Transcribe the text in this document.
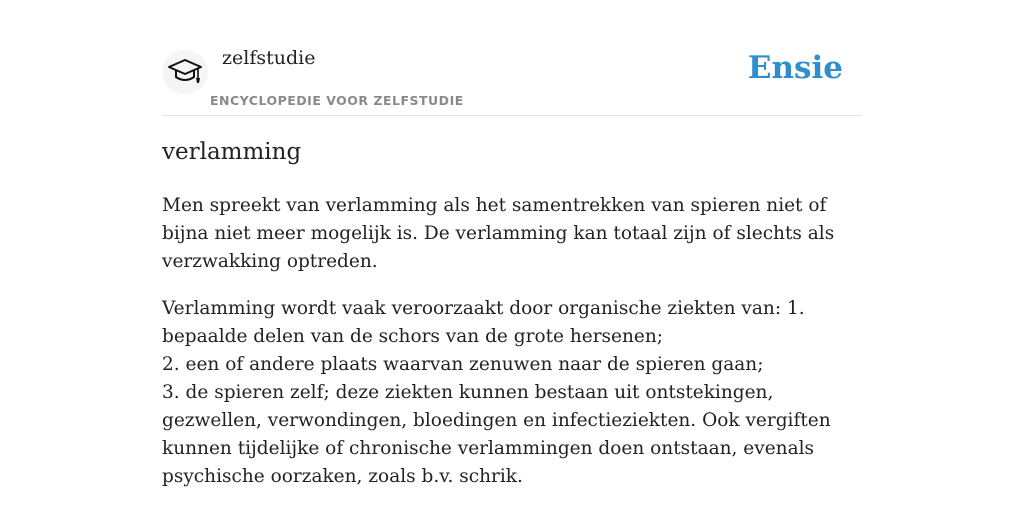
zelfstudie
ENCYCLOPEDIE VOOR ZELFSTUDIE
Ensie
verlamming

Men spreekt van verlamming als het samentrekken van spieren niet of bijna niet meer mogelijk is. De verlamming kan totaal zijn of slechts als verzwakking optreden.

Verlamming wordt vaak veroorzaakt door organische ziekten van: 1. bepaalde delen van de schors van de grote hersenen;
2. een of andere plaats waarvan zenuwen naar de spieren gaan;
3. de spieren zelf; deze ziekten kunnen bestaan uit ontstekingen, gezwellen, verwondingen, bloedingen en infectieziekten. Ook vergiften kunnen tijdelijke of chronische verlammingen doen ontstaan, evenals psychische oorzaken, zoals b.v. schrik.
